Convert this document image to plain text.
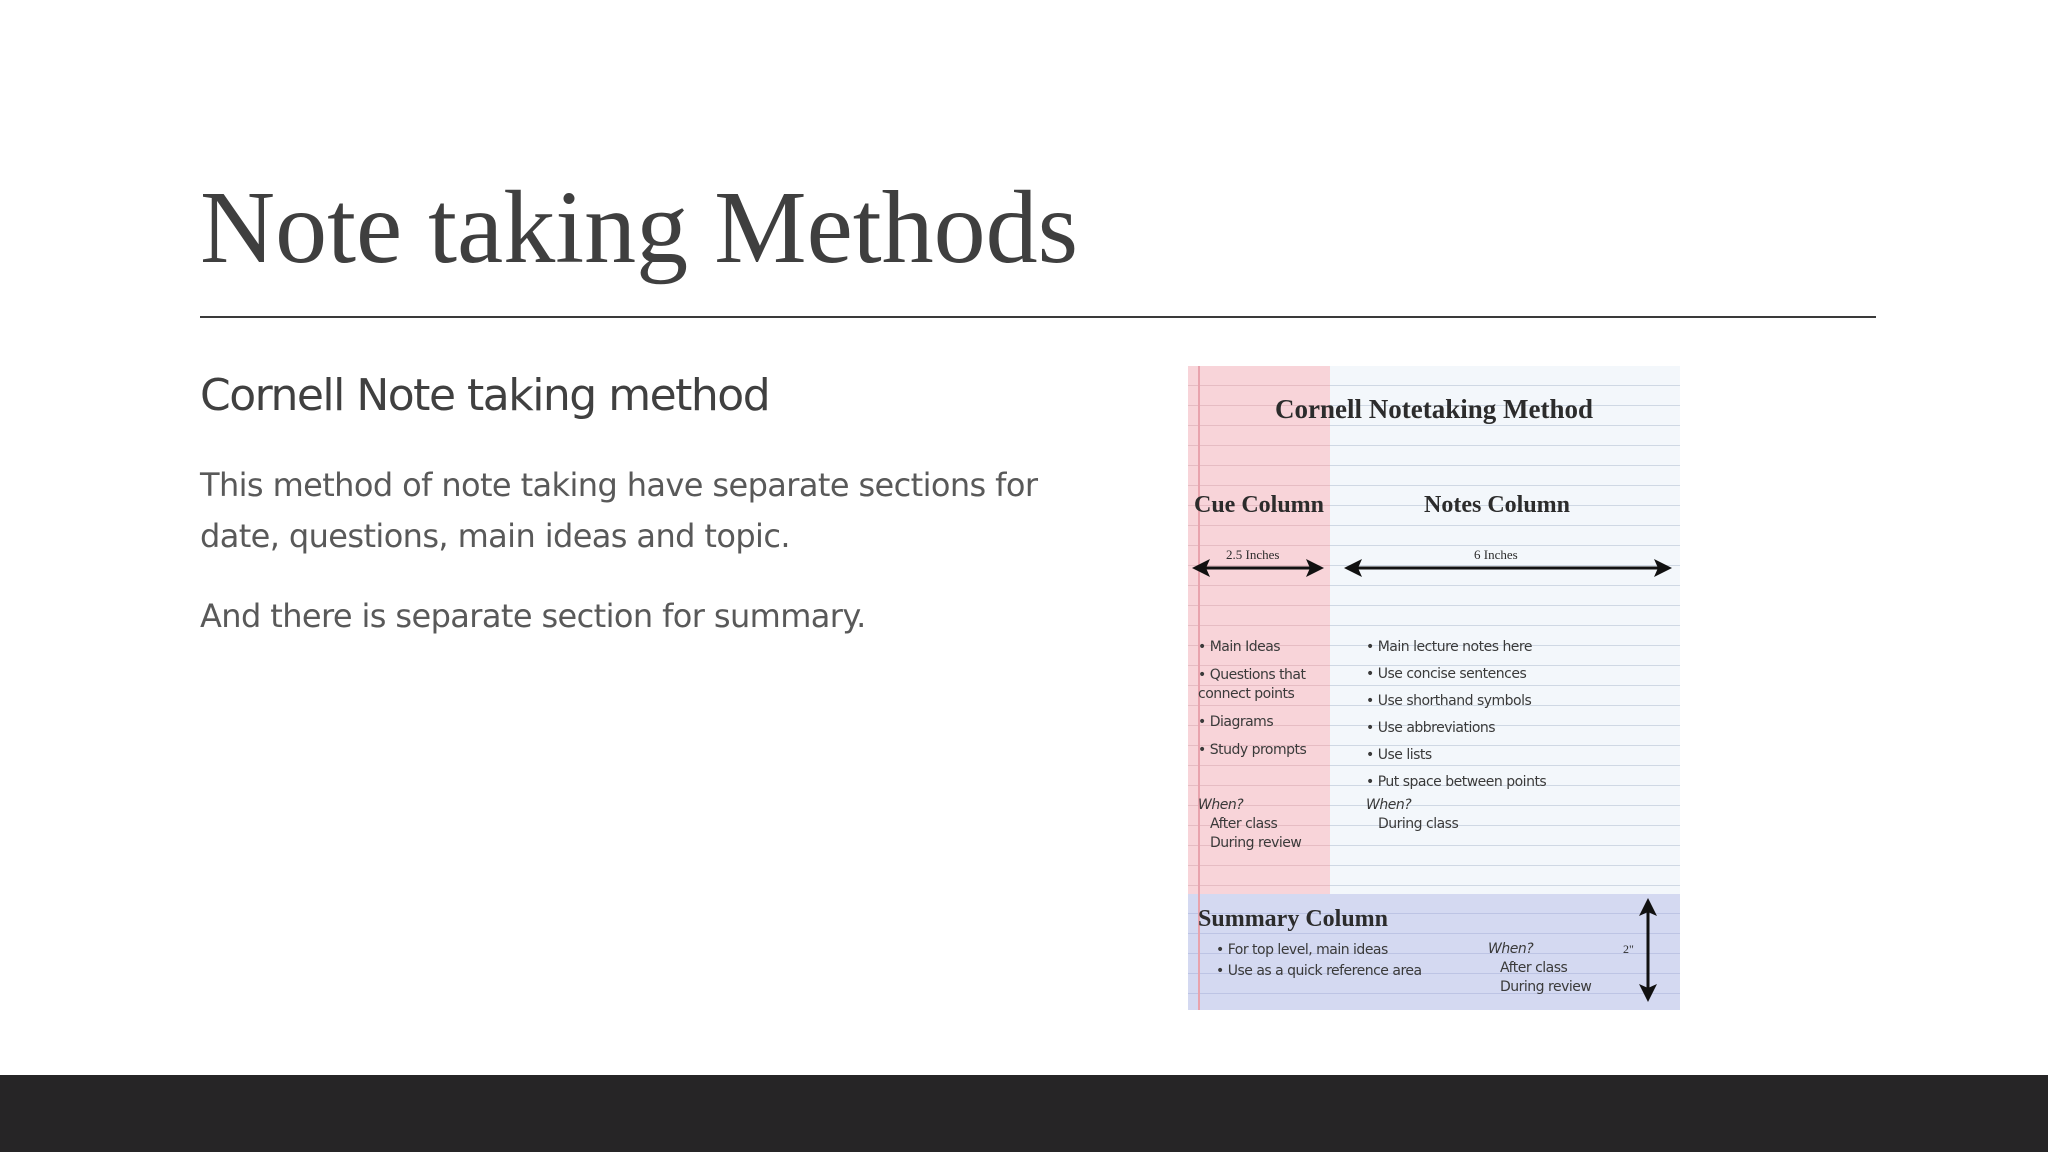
Note taking Methods
Cornell Note taking method

This method of note taking have separate sections for date, questions, main ideas and topic.

And there is separate section for summary.

Cornell Notetaking Method
Cue Column	Notes Column
2.5 Inches	6 Inches
• Main Ideas
• Questions that connect points
• Diagrams
• Study prompts
When?
After class
During review
• Main lecture notes here
• Use concise sentences
• Use shorthand symbols
• Use abbreviations
• Use lists
• Put space between points
When?
During class
Summary Column
• For top level, main ideas
• Use as a quick reference area
When?
After class
During review
2"
